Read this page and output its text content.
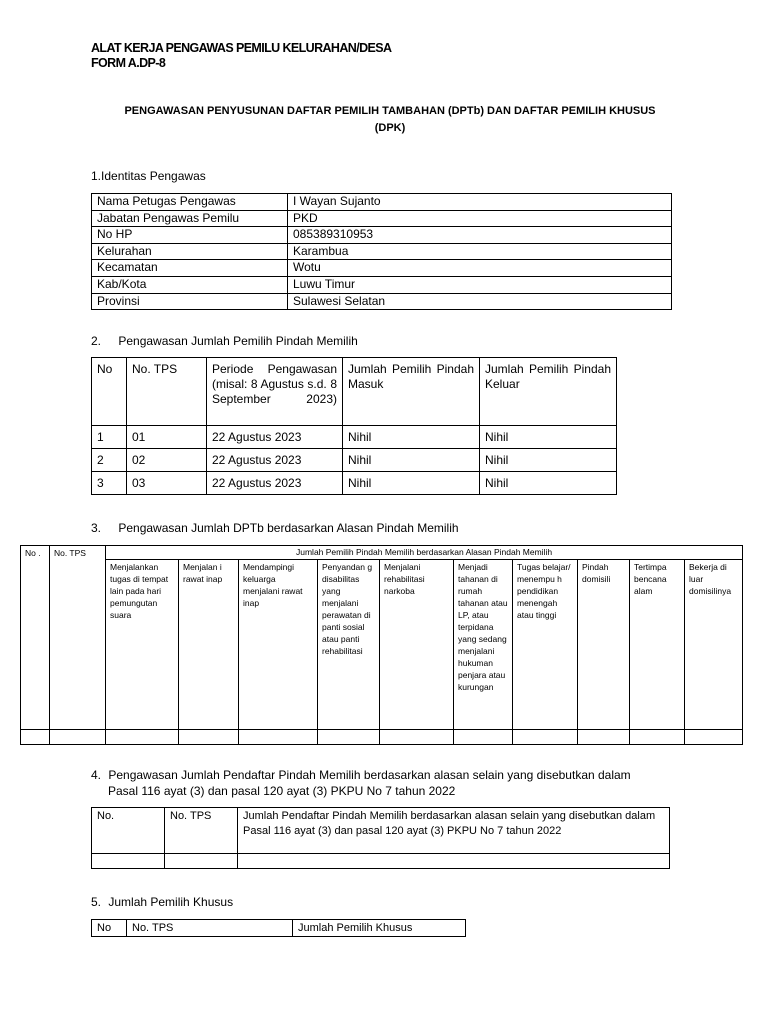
ALAT KERJA PENGAWAS PEMILU KELURAHAN/DESA
FORM A.DP-8
PENGAWASAN PENYUSUNAN DAFTAR PEMILIH TAMBAHAN (DPTb) DAN DAFTAR PEMILIH KHUSUS
(DPK)
1.Identitas Pengawas
Nama Petugas Pengawas	I Wayan Sujanto
Jabatan Pengawas Pemilu	PKD
No HP	085389310953
Kelurahan	Karambua
Kecamatan	Wotu
Kab/Kota	Luwu Timur
Provinsi	Sulawesi Selatan
2. Pengawasan Jumlah Pemilih Pindah Memilih
No	No. TPS	Periode Pengawasan (misal: 8 Agustus s.d. 8 September 2023)	Jumlah Pemilih Pindah Masuk	Jumlah Pemilih Pindah Keluar
1	01	22 Agustus 2023	Nihil	Nihil
2	02	22 Agustus 2023	Nihil	Nihil
3	03	22 Agustus 2023	Nihil	Nihil
3. Pengawasan Jumlah DPTb berdasarkan Alasan Pindah Memilih
No .	No. TPS	Jumlah Pemilih Pindah Memilih berdasarkan Alasan Pindah Memilih									
		Menjalankan tugas di tempat lain pada hari pemungutan suara	Menjalan i rawat inap	Mendampingi keluarga menjalani rawat inap	Penyandan g disabilitas yang menjalani perawatan di panti sosial atau panti rehabilitasi	Menjalani rehabilitasi narkoba	Menjadi tahanan di rumah tahanan atau LP, atau terpidana yang sedang menjalani hukuman penjara atau kurungan	Tugas belajar/ menempu h pendidikan menengah atau tinggi	Pindah domisili	Tertimpa bencana alam	Bekerja di luar domisilinya

4. Pengawasan Jumlah Pendaftar Pindah Memilih berdasarkan alasan selain yang disebutkan dalam
Pasal 116 ayat (3) dan pasal 120 ayat (3) PKPU No 7 tahun 2022
No.	No. TPS	Jumlah Pendaftar Pindah Memilih berdasarkan alasan selain yang disebutkan dalam Pasal 116 ayat (3) dan pasal 120 ayat (3) PKPU No 7 tahun 2022

5. Jumlah Pemilih Khusus
No	No. TPS	Jumlah Pemilih Khusus
